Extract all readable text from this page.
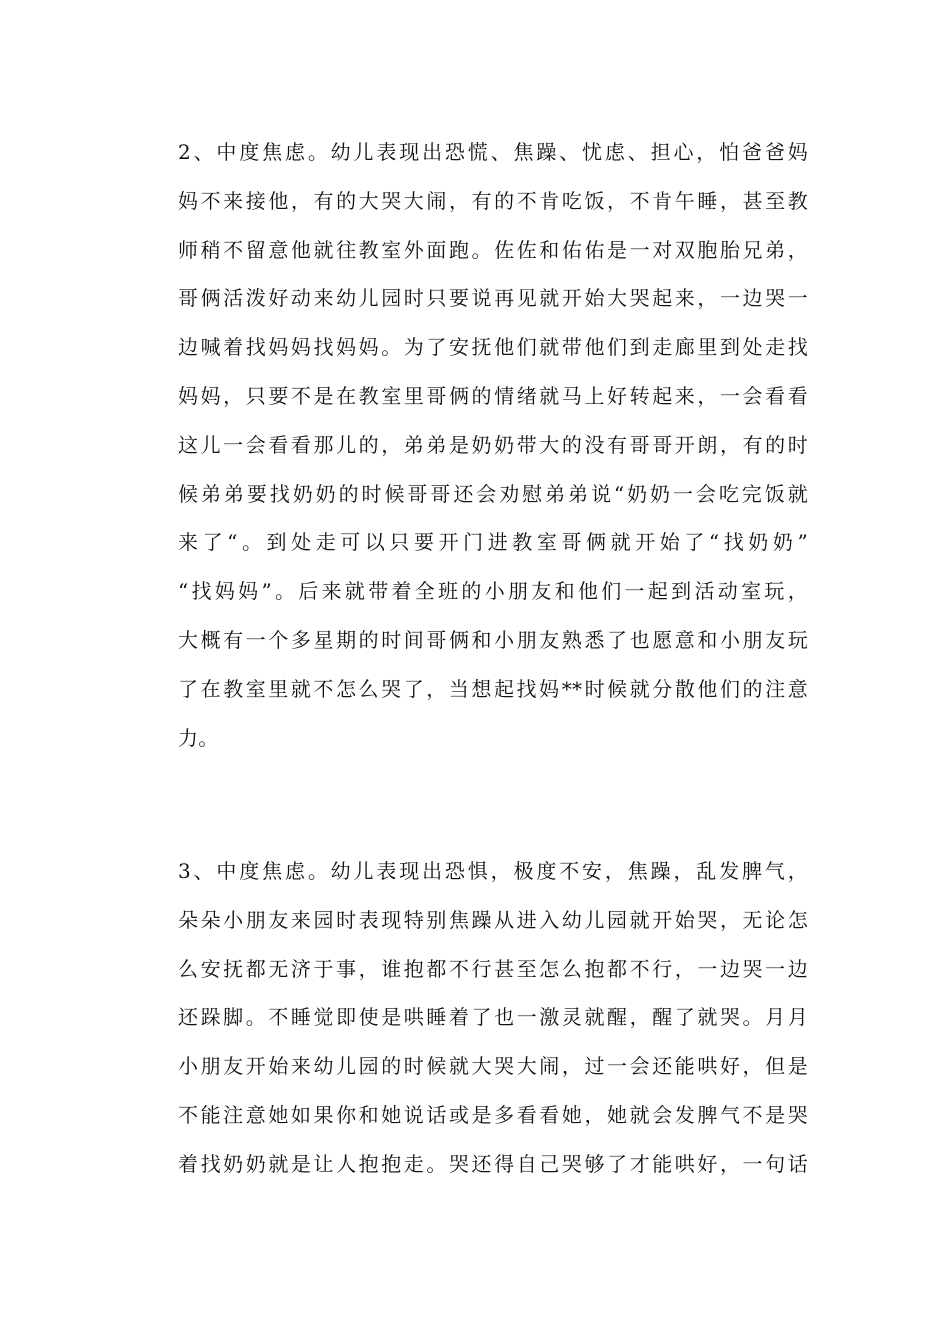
2、中度焦虑。幼儿表现出恐慌、焦躁、忧虑、担心，怕爸爸妈
妈不来接他，有的大哭大闹，有的不肯吃饭，不肯午睡，甚至教
师稍不留意他就往教室外面跑。佐佐和佑佑是一对双胞胎兄弟，
哥俩活泼好动来幼儿园时只要说再见就开始大哭起来，一边哭一
边喊着找妈妈找妈妈。为了安抚他们就带他们到走廊里到处走找
妈妈，只要不是在教室里哥俩的情绪就马上好转起来，一会看看
这儿一会看看那儿的，弟弟是奶奶带大的没有哥哥开朗，有的时
候弟弟要找奶奶的时候哥哥还会劝慰弟弟说“奶奶一会吃完饭就
来了“。到处走可以只要开门进教室哥俩就开始了“找奶奶”
“找妈妈”。后来就带着全班的小朋友和他们一起到活动室玩，
大概有一个多星期的时间哥俩和小朋友熟悉了也愿意和小朋友玩
了在教室里就不怎么哭了，当想起找妈**时候就分散他们的注意
力。
3、中度焦虑。幼儿表现出恐惧，极度不安，焦躁，乱发脾气，
朵朵小朋友来园时表现特别焦躁从进入幼儿园就开始哭，无论怎
么安抚都无济于事，谁抱都不行甚至怎么抱都不行，一边哭一边
还跺脚。不睡觉即使是哄睡着了也一激灵就醒，醒了就哭。月月
小朋友开始来幼儿园的时候就大哭大闹，过一会还能哄好，但是
不能注意她如果你和她说话或是多看看她，她就会发脾气不是哭
着找奶奶就是让人抱抱走。哭还得自己哭够了才能哄好，一句话
